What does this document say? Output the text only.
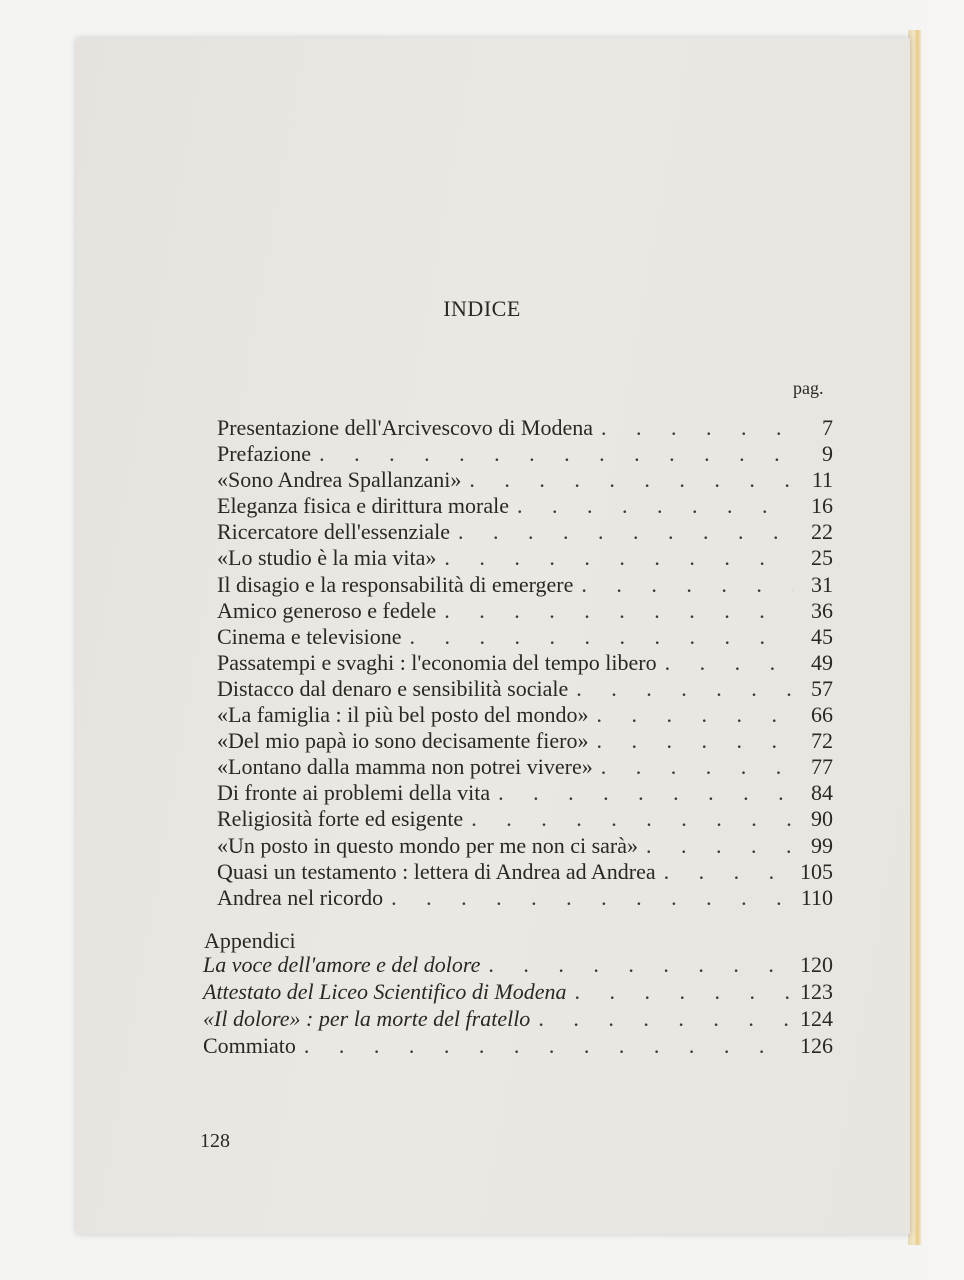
INDICE
pag.
Presentazione dell'Arcivescovo di Modena . . .	7
Prefazione . . .	9
«Sono Andrea Spallanzani» . . .	11
Eleganza fisica e dirittura morale . . .	16
Ricercatore dell'essenziale . . .	22
«Lo studio è la mia vita» . . .	25
Il disagio e la responsabilità di emergere . . .	31
Amico generoso e fedele . . .	36
Cinema e televisione . . .	45
Passatempi e svaghi : l'economia del tempo libero . . .	49
Distacco dal denaro e sensibilità sociale . . .	57
«La famiglia : il più bel posto del mondo» . . .	66
«Del mio papà io sono decisamente fiero» . . .	72
«Lontano dalla mamma non potrei vivere» . . .	77
Di fronte ai problemi della vita . . .	84
Religiosità forte ed esigente . . .	90
«Un posto in questo mondo per me non ci sarà» . . .	99
Quasi un testamento : lettera di Andrea ad Andrea . . .	105
Andrea nel ricordo . . .	110
Appendici
La voce dell'amore e del dolore . . .	120
Attestato del Liceo Scientifico di Modena . . .	123
«Il dolore» : per la morte del fratello . . .	124
Commiato . . .	126
128
